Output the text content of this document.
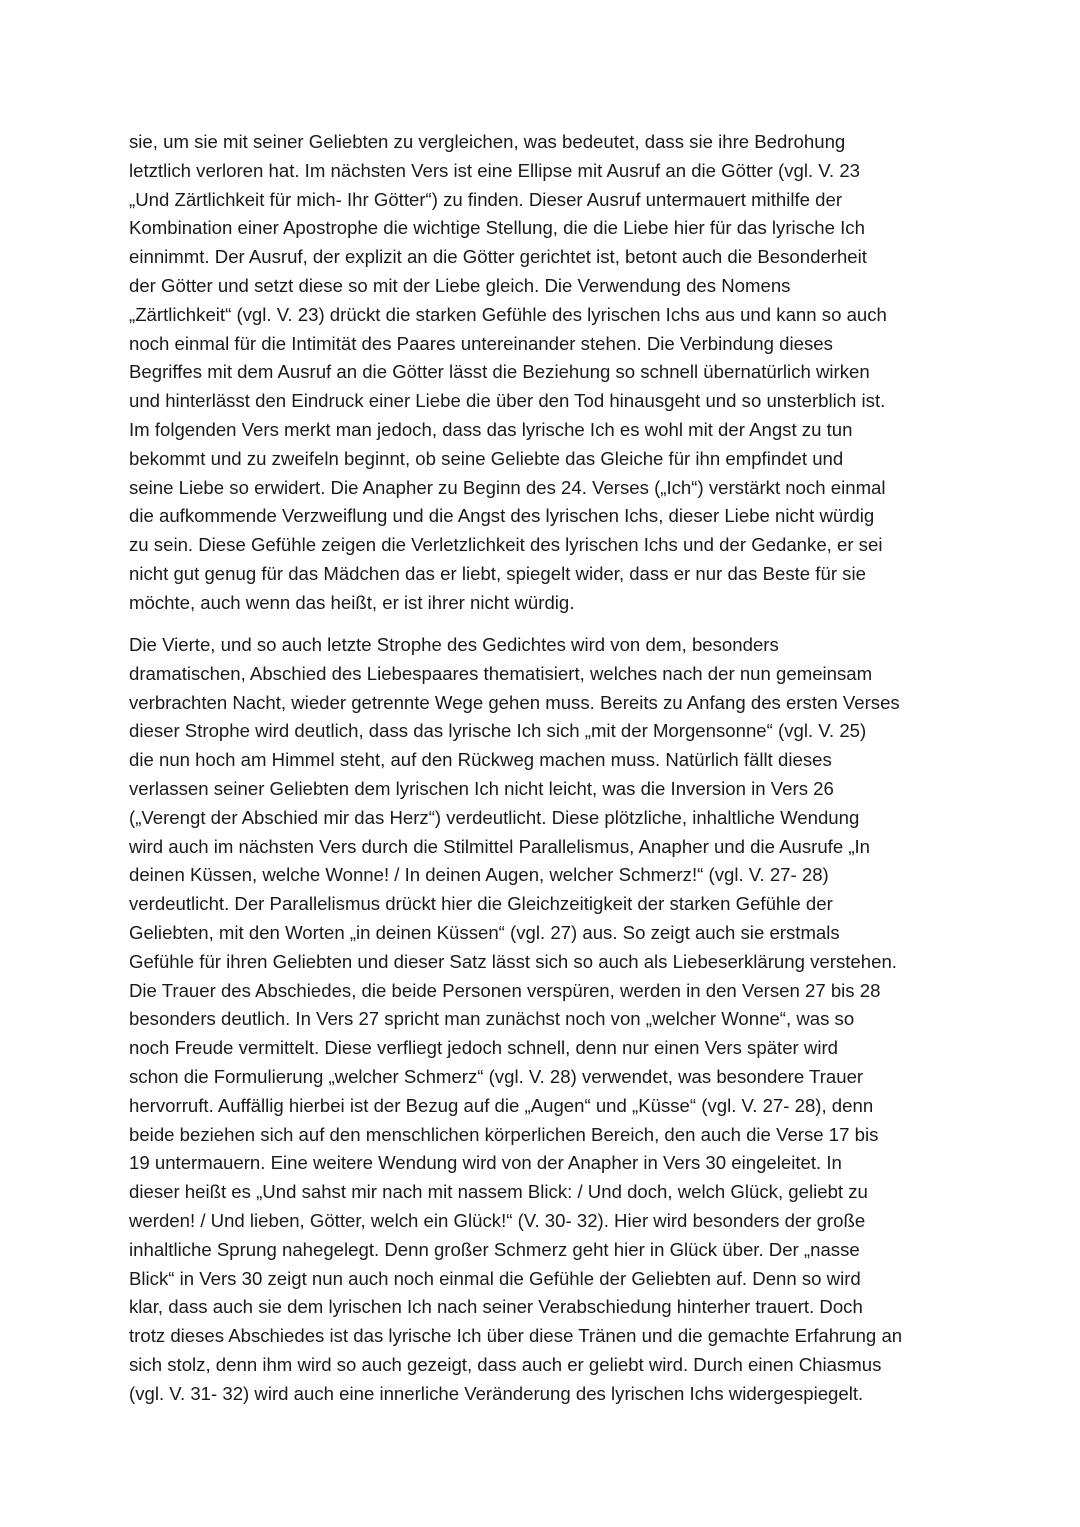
sie, um sie mit seiner Geliebten zu vergleichen, was bedeutet, dass sie ihre Bedrohung
letztlich verloren hat. Im nächsten Vers ist eine Ellipse mit Ausruf an die Götter (vgl. V. 23
„Und Zärtlichkeit für mich- Ihr Götter“) zu finden. Dieser Ausruf untermauert mithilfe der
Kombination einer Apostrophe die wichtige Stellung, die die Liebe hier für das lyrische Ich
einnimmt. Der Ausruf, der explizit an die Götter gerichtet ist, betont auch die Besonderheit
der Götter und setzt diese so mit der Liebe gleich. Die Verwendung des Nomens
„Zärtlichkeit“ (vgl. V. 23) drückt die starken Gefühle des lyrischen Ichs aus und kann so auch
noch einmal für die Intimität des Paares untereinander stehen. Die Verbindung dieses
Begriffes mit dem Ausruf an die Götter lässt die Beziehung so schnell übernatürlich wirken
und hinterlässt den Eindruck einer Liebe die über den Tod hinausgeht und so unsterblich ist.
Im folgenden Vers merkt man jedoch, dass das lyrische Ich es wohl mit der Angst zu tun
bekommt und zu zweifeln beginnt, ob seine Geliebte das Gleiche für ihn empfindet und
seine Liebe so erwidert. Die Anapher zu Beginn des 24. Verses („Ich“) verstärkt noch einmal
die aufkommende Verzweiflung und die Angst des lyrischen Ichs, dieser Liebe nicht würdig
zu sein. Diese Gefühle zeigen die Verletzlichkeit des lyrischen Ichs und der Gedanke, er sei
nicht gut genug für das Mädchen das er liebt, spiegelt wider, dass er nur das Beste für sie
möchte, auch wenn das heißt, er ist ihrer nicht würdig.
Die Vierte, und so auch letzte Strophe des Gedichtes wird von dem, besonders
dramatischen, Abschied des Liebespaares thematisiert, welches nach der nun gemeinsam
verbrachten Nacht, wieder getrennte Wege gehen muss. Bereits zu Anfang des ersten Verses
dieser Strophe wird deutlich, dass das lyrische Ich sich „mit der Morgensonne“ (vgl. V. 25)
die nun hoch am Himmel steht, auf den Rückweg machen muss. Natürlich fällt dieses
verlassen seiner Geliebten dem lyrischen Ich nicht leicht, was die Inversion in Vers 26
(„Verengt der Abschied mir das Herz“) verdeutlicht. Diese plötzliche, inhaltliche Wendung
wird auch im nächsten Vers durch die Stilmittel Parallelismus, Anapher und die Ausrufe „In
deinen Küssen, welche Wonne! / In deinen Augen, welcher Schmerz!“ (vgl. V. 27- 28)
verdeutlicht. Der Parallelismus drückt hier die Gleichzeitigkeit der starken Gefühle der
Geliebten, mit den Worten „in deinen Küssen“ (vgl. 27) aus. So zeigt auch sie erstmals
Gefühle für ihren Geliebten und dieser Satz lässt sich so auch als Liebeserklärung verstehen.
Die Trauer des Abschiedes, die beide Personen verspüren, werden in den Versen 27 bis 28
besonders deutlich. In Vers 27 spricht man zunächst noch von „welcher Wonne“, was so
noch Freude vermittelt. Diese verfliegt jedoch schnell, denn nur einen Vers später wird
schon die Formulierung „welcher Schmerz“ (vgl. V. 28) verwendet, was besondere Trauer
hervorruft. Auffällig hierbei ist der Bezug auf die „Augen“ und „Küsse“ (vgl. V. 27- 28), denn
beide beziehen sich auf den menschlichen körperlichen Bereich, den auch die Verse 17 bis
19 untermauern. Eine weitere Wendung wird von der Anapher in Vers 30 eingeleitet. In
dieser heißt es „Und sahst mir nach mit nassem Blick: / Und doch, welch Glück, geliebt zu
werden! / Und lieben, Götter, welch ein Glück!“ (V. 30- 32). Hier wird besonders der große
inhaltliche Sprung nahegelegt. Denn großer Schmerz geht hier in Glück über. Der „nasse
Blick“ in Vers 30 zeigt nun auch noch einmal die Gefühle der Geliebten auf. Denn so wird
klar, dass auch sie dem lyrischen Ich nach seiner Verabschiedung hinterher trauert. Doch
trotz dieses Abschiedes ist das lyrische Ich über diese Tränen und die gemachte Erfahrung an
sich stolz, denn ihm wird so auch gezeigt, dass auch er geliebt wird. Durch einen Chiasmus
(vgl. V. 31- 32) wird auch eine innerliche Veränderung des lyrischen Ichs widergespiegelt.
